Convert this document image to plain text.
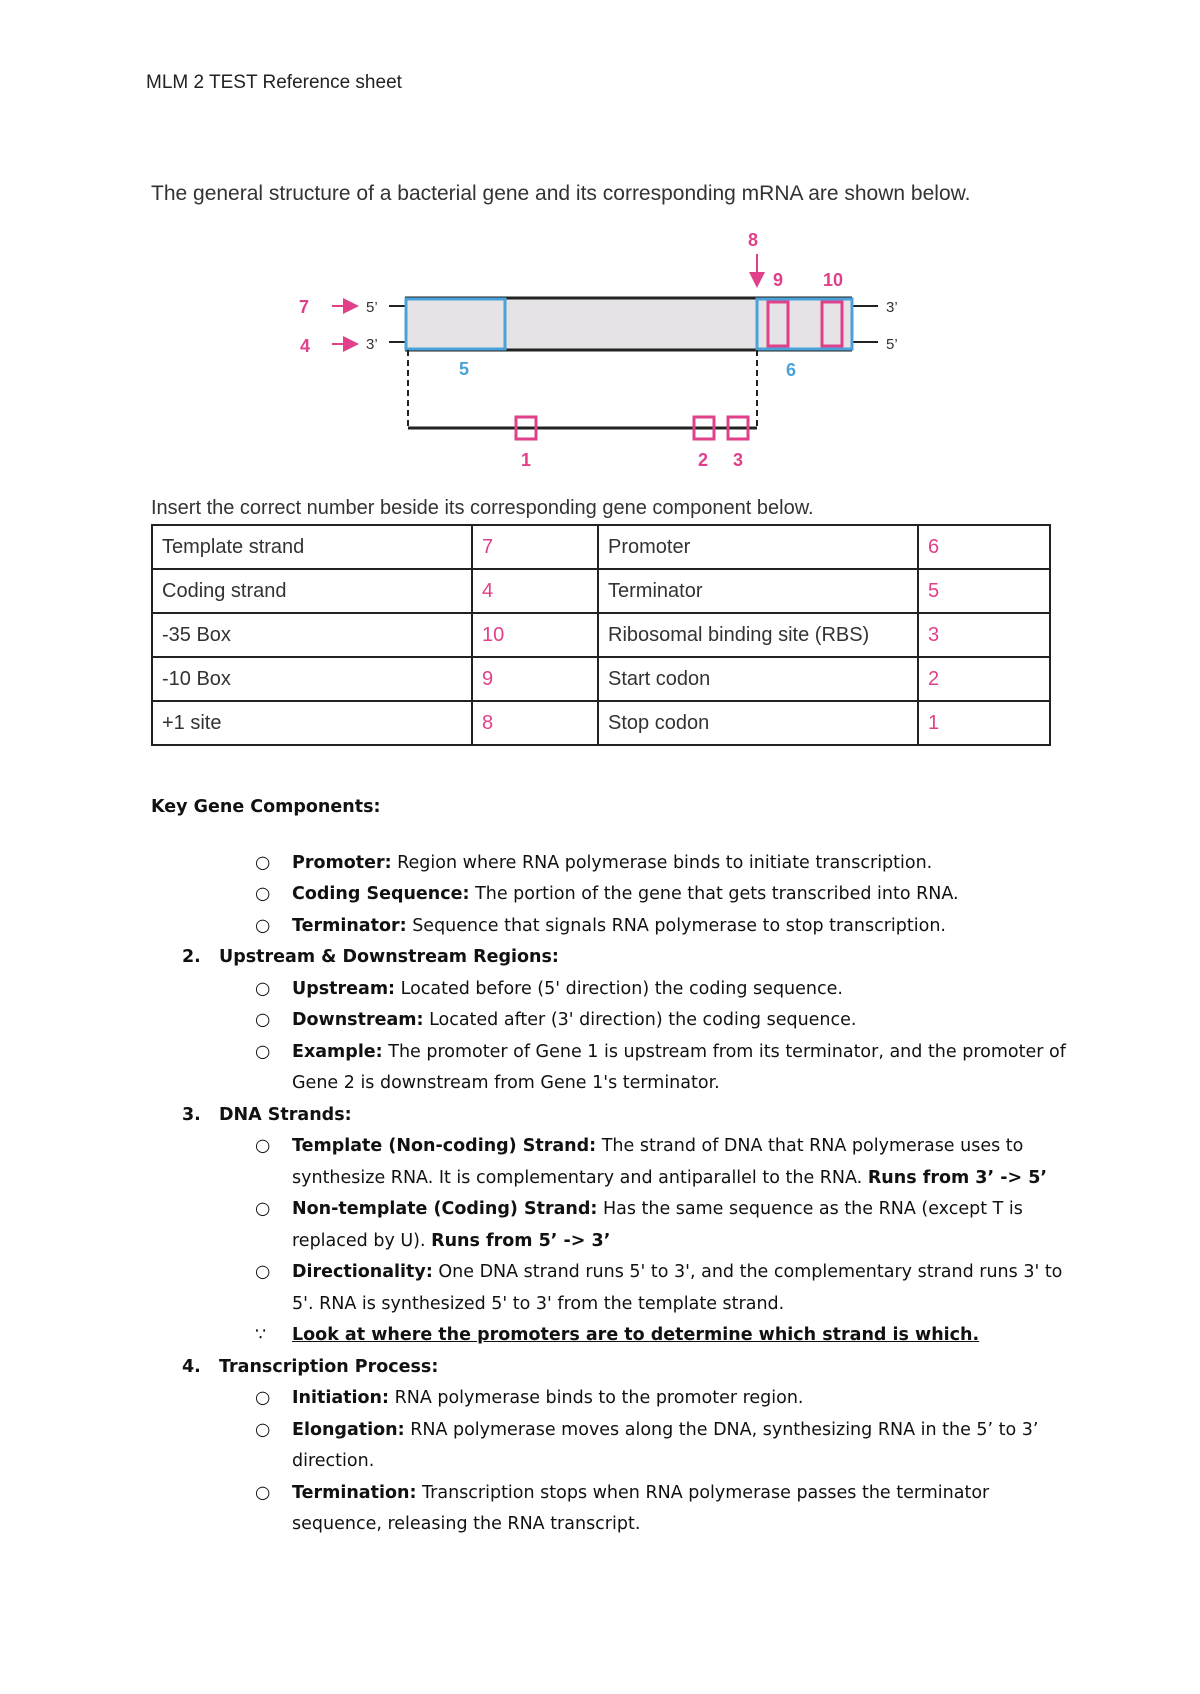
MLM 2 TEST Reference sheet
The general structure of a bacterial gene and its corresponding mRNA are shown below.
7
4
8
9 10
1	2 3
5	6
5’
3’
3’
5’
Insert the correct number beside its corresponding gene component below.
Template strand	7	Promoter	6
Coding strand	4	Terminator	5
-35 Box	10	Ribosomal binding site (RBS)	3
-10 Box	9	Start codon	2
+1 site	8	Stop codon	1
Key Gene Components:
○ Promoter: Region where RNA polymerase binds to initiate transcription.
○ Coding Sequence: The portion of the gene that gets transcribed into RNA.
○ Terminator: Sequence that signals RNA polymerase to stop transcription.
2. Upstream & Downstream Regions:
○ Upstream: Located before (5' direction) the coding sequence.
○ Downstream: Located after (3' direction) the coding sequence.
○ Example: The promoter of Gene 1 is upstream from its terminator, and the promoter of Gene 2 is downstream from Gene 1's terminator.
3. DNA Strands:
○ Template (Non-coding) Strand: The strand of DNA that RNA polymerase uses to synthesize RNA. It is complementary and antiparallel to the RNA. Runs from 3’ -> 5’
○ Non-template (Coding) Strand: Has the same sequence as the RNA (except T is replaced by U). Runs from 5’ -> 3’
○ Directionality: One DNA strand runs 5' to 3', and the complementary strand runs 3' to 5'. RNA is synthesized 5' to 3' from the template strand.
∵	Look at where the promoters are to determine which strand is which.
4. Transcription Process:
○ Initiation: RNA polymerase binds to the promoter region.
○ Elongation: RNA polymerase moves along the DNA, synthesizing RNA in the 5’ to 3’ direction.
○ Termination: Transcription stops when RNA polymerase passes the terminator sequence, releasing the RNA transcript.
